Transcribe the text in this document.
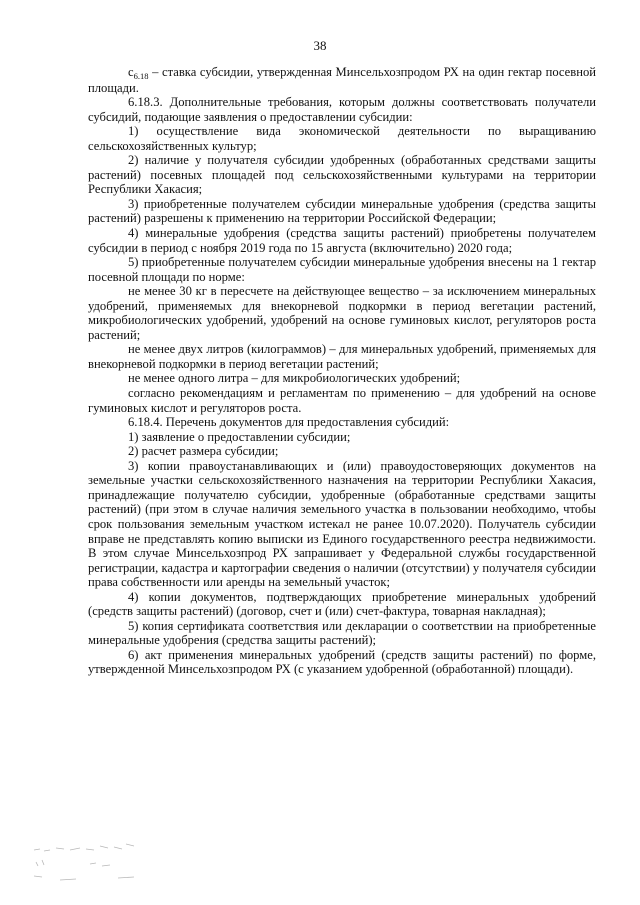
38

$с_{6.18}$ – ставка субсидии, утвержденная Минсельхозпродом РХ на один гектар посевной площади.

6.18.3. Дополнительные требования, которым должны соответствовать получатели субсидий, подающие заявления о предоставлении субсидии:

1) осуществление вида экономической деятельности по выращиванию сельскохозяйственных культур;

2) наличие у получателя субсидии удобренных (обработанных средствами защиты растений) посевных площадей под сельскохозяйственными культурами на территории Республики Хакасия;

3) приобретенные получателем субсидии минеральные удобрения (средства защиты растений) разрешены к применению на территории Российской Федерации;

4) минеральные удобрения (средства защиты растений) приобретены получателем субсидии в период с ноября 2019 года по 15 августа (включительно) 2020 года;

5) приобретенные получателем субсидии минеральные удобрения внесены на 1 гектар посевной площади по норме:

не менее 30 кг в пересчете на действующее вещество – за исключением минеральных удобрений, применяемых для внекорневой подкормки в период вегетации растений, микробиологических удобрений, удобрений на основе гуминовых кислот, регуляторов роста растений;

не менее двух литров (килограммов) – для минеральных удобрений, применяемых для внекорневой подкормки в период вегетации растений;

не менее одного литра – для микробиологических удобрений;

согласно рекомендациям и регламентам по применению – для удобрений на основе гуминовых кислот и регуляторов роста.

6.18.4. Перечень документов для предоставления субсидий:

1) заявление о предоставлении субсидии;

2) расчет размера субсидии;

3) копии правоустанавливающих и (или) правоудостоверяющих документов на земельные участки сельскохозяйственного назначения на территории Республики Хакасия, принадлежащие получателю субсидии, удобренные (обработанные средствами защиты растений) (при этом в случае наличия земельного участка в пользовании необходимо, чтобы срок пользования земельным участком истекал не ранее 10.07.2020). Получатель субсидии вправе не представлять копию выписки из Единого государственного реестра недвижимости. В этом случае Минсельхозпрод РХ запрашивает у Федеральной службы государственной регистрации, кадастра и картографии сведения о наличии (отсутствии) у получателя субсидии права собственности или аренды на земельный участок;

4) копии документов, подтверждающих приобретение минеральных удобрений (средств защиты растений) (договор, счет и (или) счет-фактура, товарная накладная);

5) копия сертификата соответствия или декларации о соответствии на приобретенные минеральные удобрения (средства защиты растений);

6) акт применения минеральных удобрений (средств защиты растений) по форме, утвержденной Минсельхозпродом РХ (с указанием удобренной (обработанной) площади).
